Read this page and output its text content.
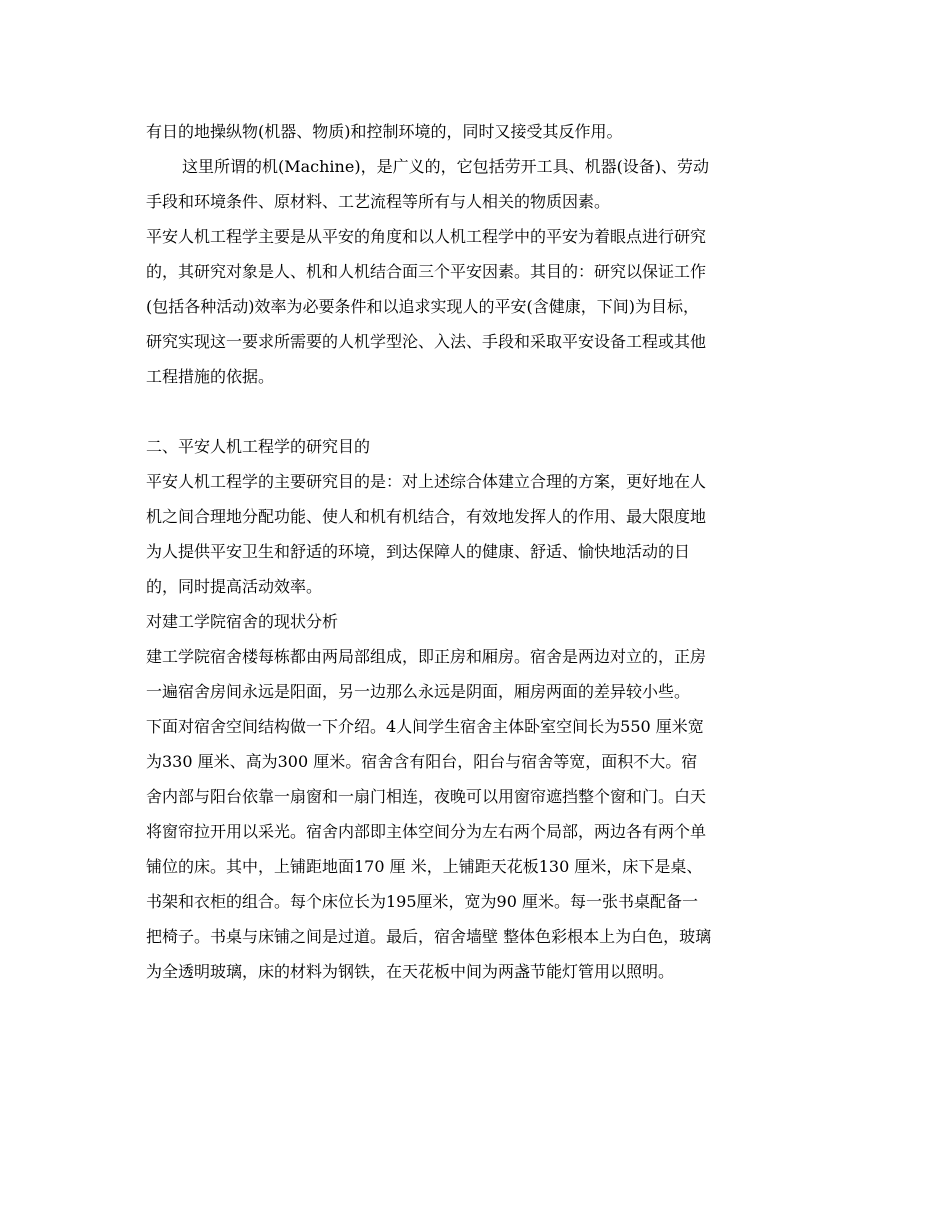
有日的地操纵物(机器、物质)和控制环境的，同时又接受其反作用。
这里所谓的机(Machine)，是广义的，它包括劳开工具、机器(设备)、劳动
手段和环境条件、原材料、工艺流程等所有与人相关的物质因素。
平安人机工程学主要是从平安的角度和以人机工程学中的平安为着眼点进行研究
的，其研究对象是人、机和人机结合面三个平安因素。其目的：研究以保证工作
(包括各种活动)效率为必要条件和以追求实现人的平安(含健康，下间)为目标，
研究实现这一要求所需要的人机学型沦、入法、手段和采取平安设备工程或其他
工程措施的依据。
二、平安人机工程学的研究目的
平安人机工程学的主要研究目的是：对上述综合体建立合理的方案，更好地在人
机之间合理地分配功能、使人和机有机结合，有效地发挥人的作用、最大限度地
为人提供平安卫生和舒适的环境，到达保障人的健康、舒适、愉快地活动的日
的，同时提高活动效率。
对建工学院宿舍的现状分析
建工学院宿舍楼每栋都由两局部组成，即正房和厢房。宿舍是两边对立的，正房
一遍宿舍房间永远是阳面，另一边那么永远是阴面，厢房两面的差异较小些。
下面对宿舍空间结构做一下介绍。4人间学生宿舍主体卧室空间长为550 厘米宽
为330 厘米、高为300 厘米。宿舍含有阳台，阳台与宿舍等宽，面积不大。宿
舍内部与阳台依靠一扇窗和一扇门相连，夜晚可以用窗帘遮挡整个窗和门。白天
将窗帘拉开用以采光。宿舍内部即主体空间分为左右两个局部，两边各有两个单
铺位的床。其中，上铺距地面170 厘 米，上铺距天花板130 厘米，床下是桌、
书架和衣柜的组合。每个床位长为195厘米，宽为90 厘米。每一张书桌配备一
把椅子。书桌与床铺之间是过道。最后，宿舍墙壁 整体色彩根本上为白色，玻璃
为全透明玻璃，床的材料为钢铁，在天花板中间为两盏节能灯管用以照明。
